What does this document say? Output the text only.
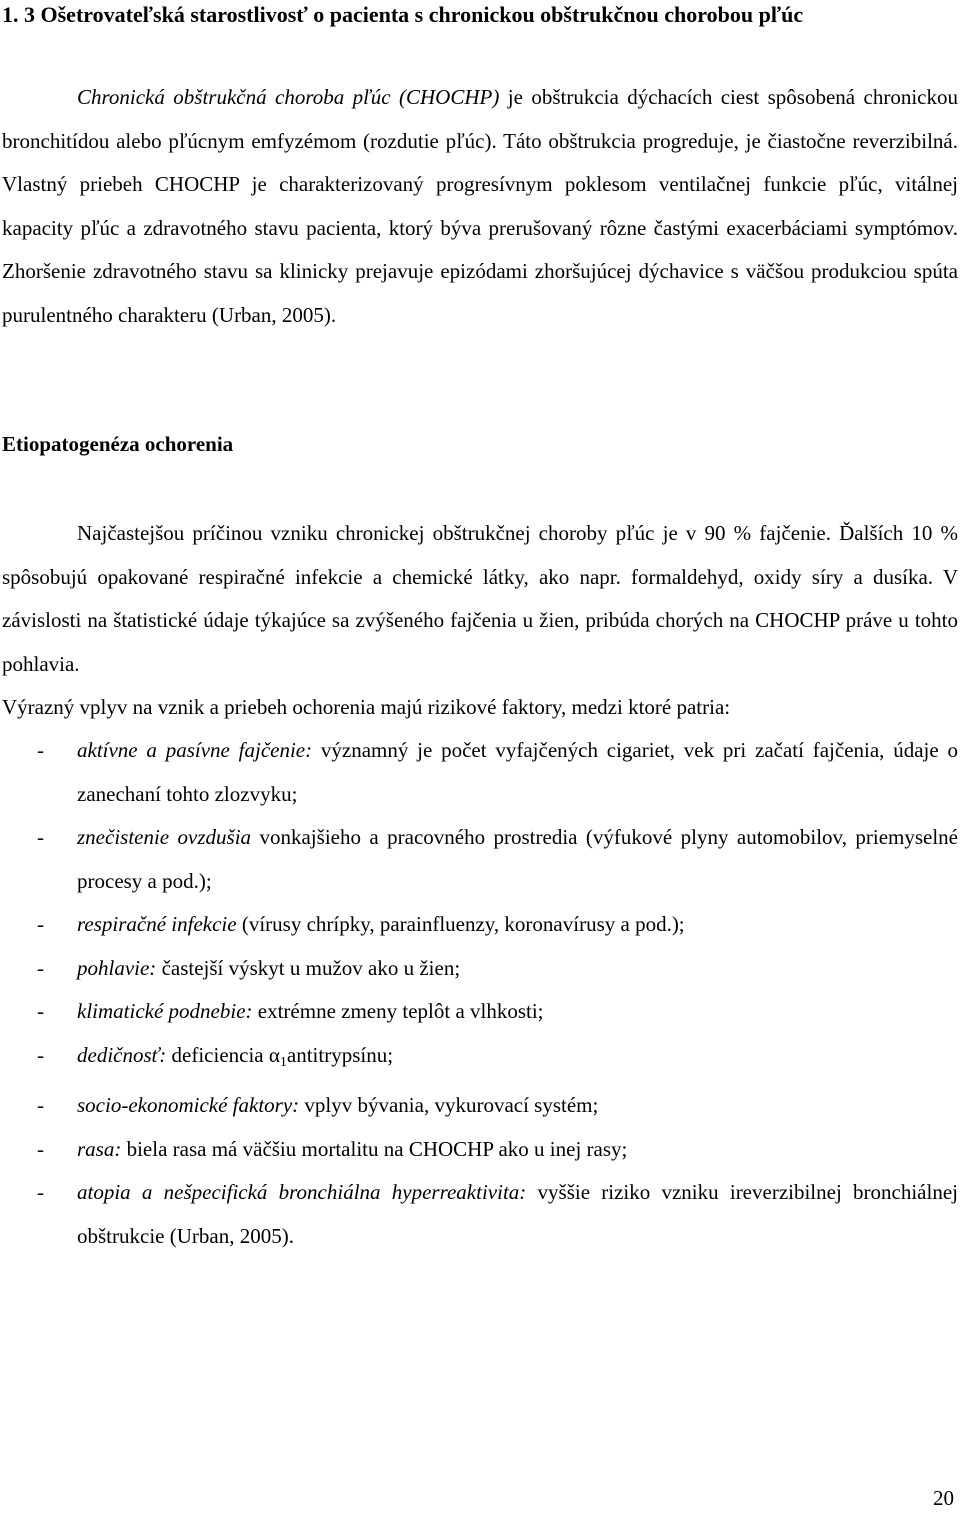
1. 3 Ošetrovateľská starostlivosť o pacienta s chronickou obštrukčnou chorobou pľúc

Chronická obštrukčná choroba pľúc (CHOCHP) je obštrukcia dýchacích ciest spôsobená chronickou bronchitídou alebo pľúcnym emfyzémom (rozdutie pľúc). Táto obštrukcia progreduje, je čiastočne reverzibilná. Vlastný priebeh CHOCHP je charakterizovaný progresívnym poklesom ventilačnej funkcie pľúc, vitálnej kapacity pľúc a zdravotného stavu pacienta, ktorý býva prerušovaný rôzne častými exacerbáciami symptómov. Zhoršenie zdravotného stavu sa klinicky prejavuje epizódami zhoršujúcej dýchavice s väčšou produkciou spúta purulentného charakteru (Urban, 2005).

Etiopatogenéza ochorenia

Najčastejšou príčinou vzniku chronickej obštrukčnej choroby pľúc je v 90 % fajčenie. Ďalších 10 % spôsobujú opakované respiračné infekcie a chemické látky, ako napr. formaldehyd, oxidy síry a dusíka. V závislosti na štatistické údaje týkajúce sa zvýšeného fajčenia u žien, pribúda chorých na CHOCHP práve u tohto pohlavia.

Výrazný vplyv na vznik a priebeh ochorenia majú rizikové faktory, medzi ktoré patria:

- aktívne a pasívne fajčenie: významný je počet vyfajčených cigariet, vek pri začatí fajčenia, údaje o zanechaní tohto zlozvyku;
- znečistenie ovzdušia vonkajšieho a pracovného prostredia (výfukové plyny automobilov, priemyselné procesy a pod.);
- respiračné infekcie (vírusy chrípky, parainfluenzy, koronavírusy a pod.);
- pohlavie: častejší výskyt u mužov ako u žien;
- klimatické podnebie: extrémne zmeny teplôt a vlhkosti;
- dedičnosť: deficiencia $\alpha_1antitrypsínu$;
- socio-ekonomické faktory: vplyv bývania, vykurovací systém;
- rasa: biela rasa má väčšiu mortalitu na CHOCHP ako u inej rasy;
- atopia a nešpecifická bronchiálna hyperreaktivita: vyššie riziko vzniku ireverzibilnej bronchiálnej obštrukcie (Urban, 2005).
20
